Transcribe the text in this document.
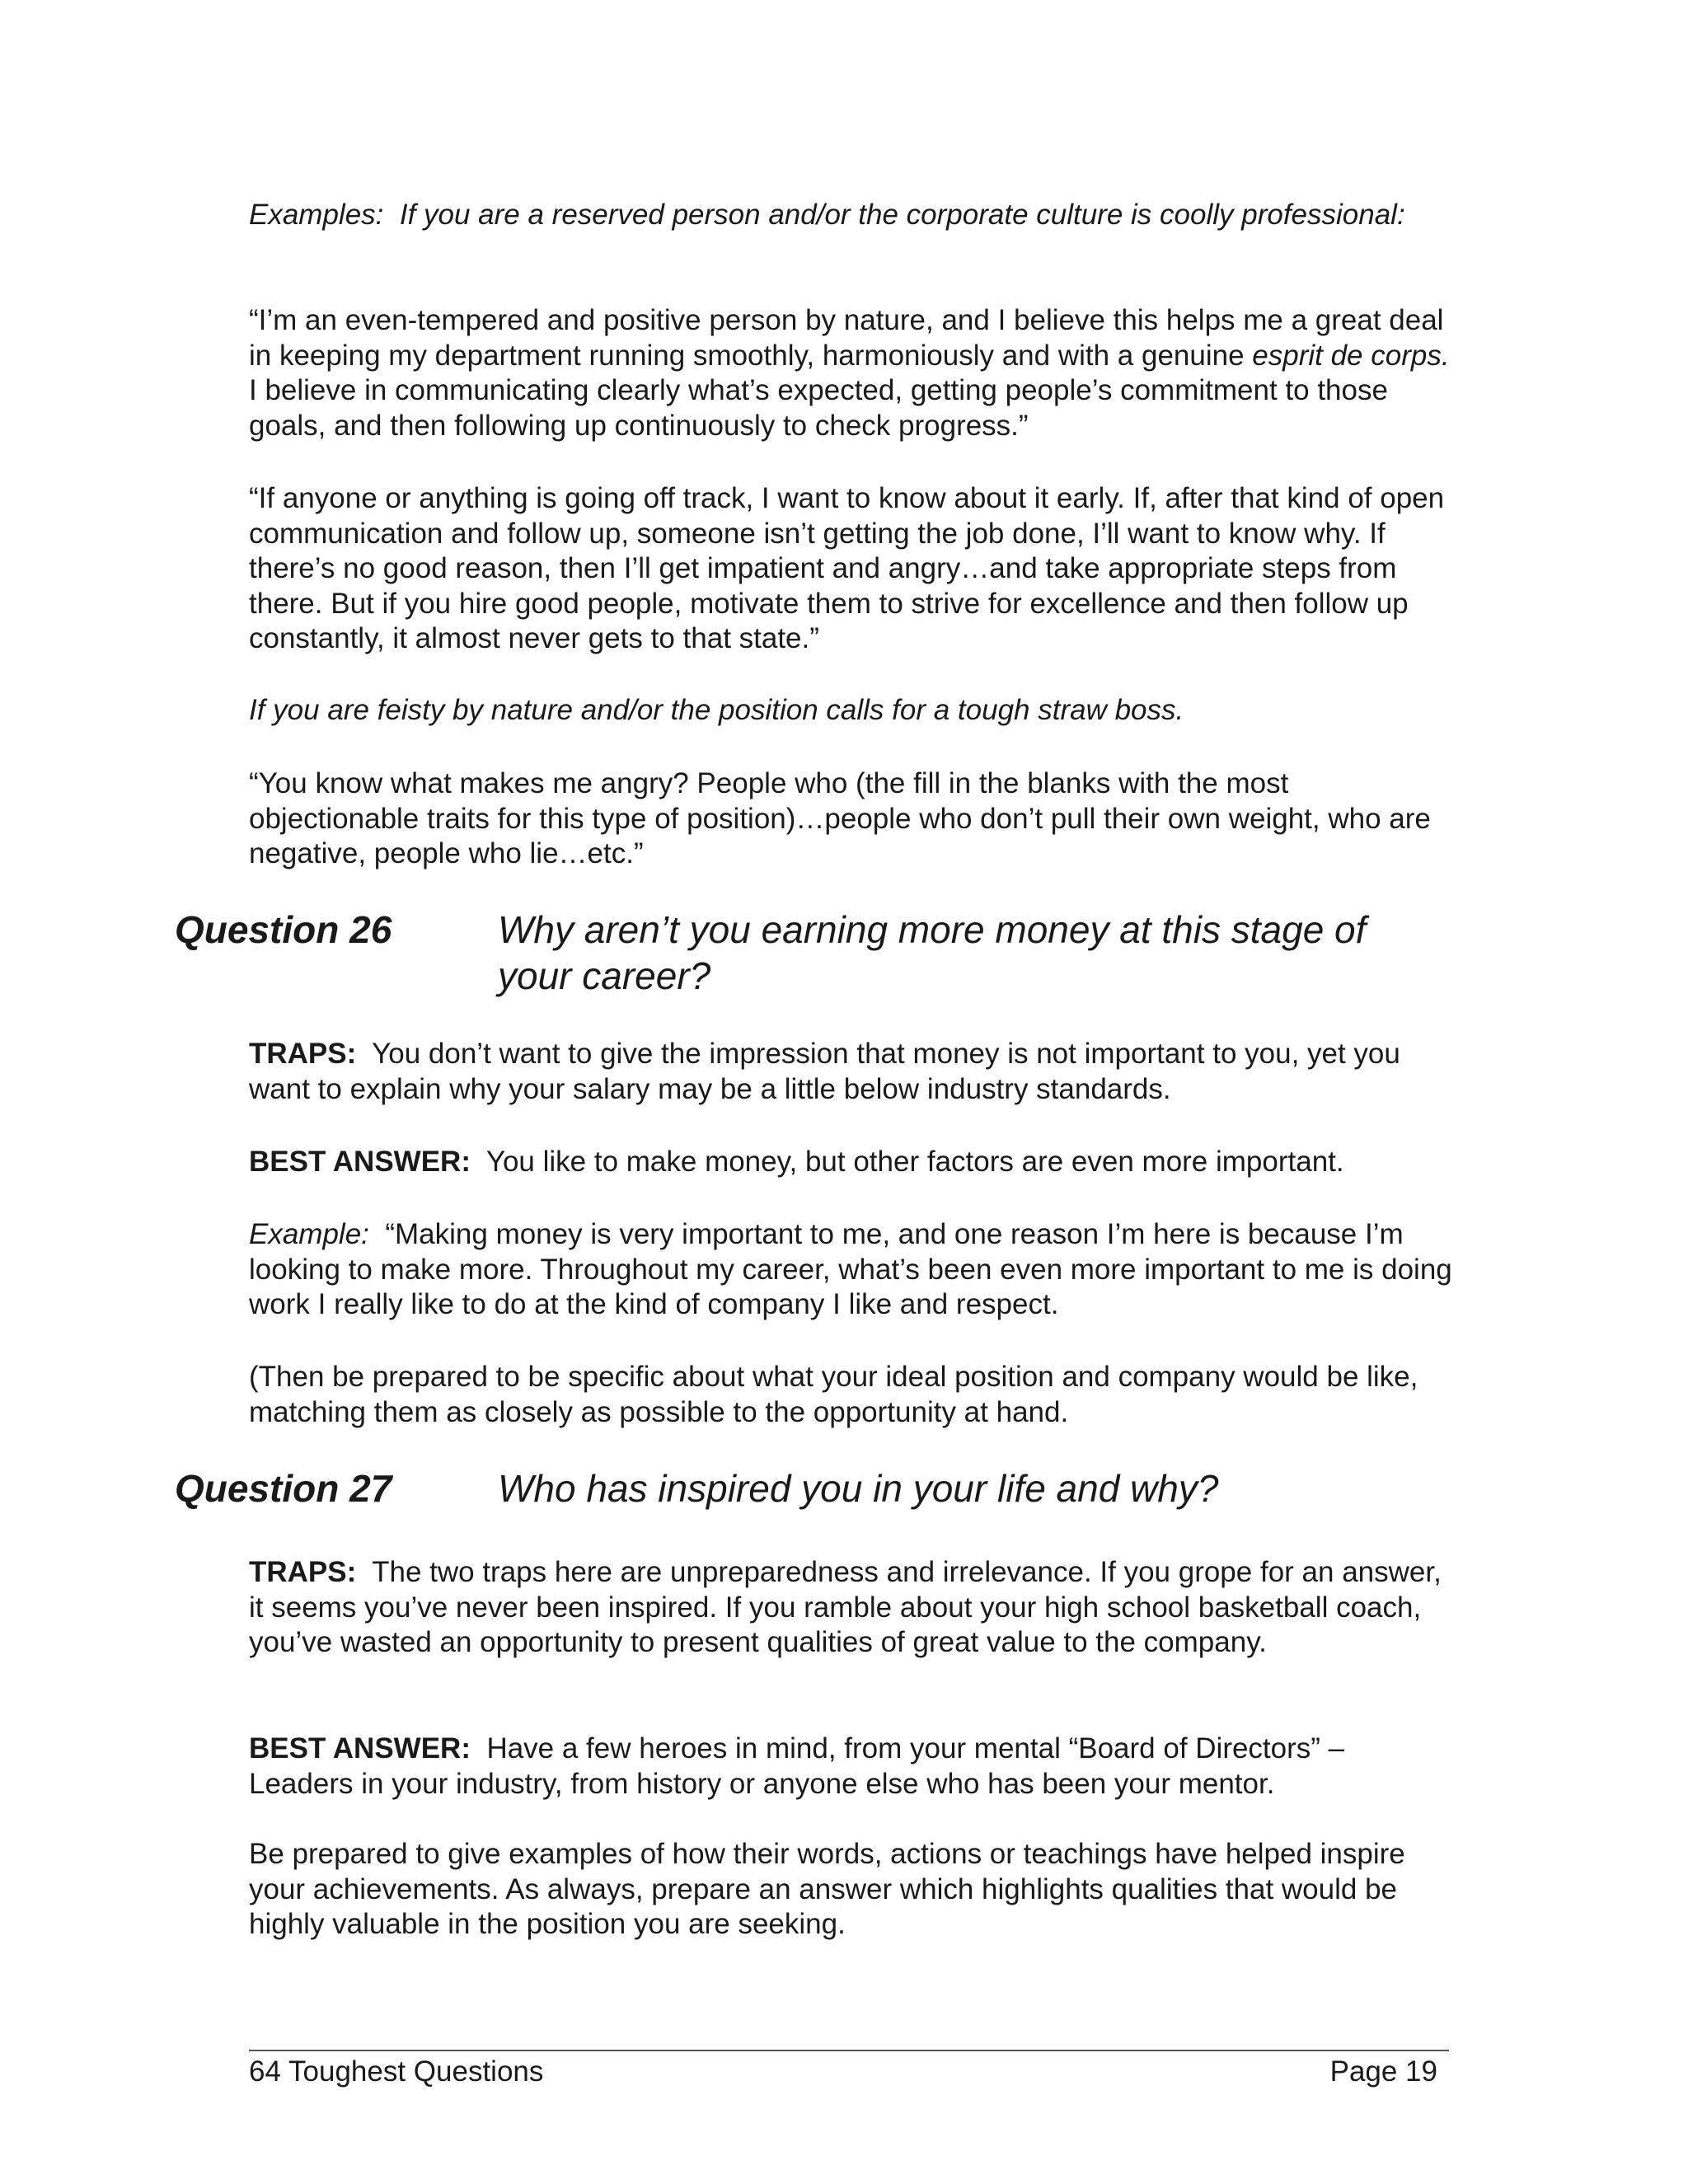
Examples: If you are a reserved person and/or the corporate culture is coolly professional:

“I’m an even-tempered and positive person by nature, and I believe this helps me a great deal in keeping my department running smoothly, harmoniously and with a genuine esprit de corps. I believe in communicating clearly what’s expected, getting people’s commitment to those goals, and then following up continuously to check progress.”

“If anyone or anything is going off track, I want to know about it early. If, after that kind of open communication and follow up, someone isn’t getting the job done, I’ll want to know why. If there’s no good reason, then I’ll get impatient and angry…and take appropriate steps from there. But if you hire good people, motivate them to strive for excellence and then follow up constantly, it almost never gets to that state.”

If you are feisty by nature and/or the position calls for a tough straw boss.

“You know what makes me angry? People who (the fill in the blanks with the most objectionable traits for this type of position)…people who don’t pull their own weight, who are negative, people who lie…etc.”

Question 26	Why aren’t you earning more money at this stage of your career?

TRAPS: You don’t want to give the impression that money is not important to you, yet you want to explain why your salary may be a little below industry standards.

BEST ANSWER: You like to make money, but other factors are even more important.

Example: “Making money is very important to me, and one reason I’m here is because I’m looking to make more. Throughout my career, what’s been even more important to me is doing work I really like to do at the kind of company I like and respect.

(Then be prepared to be specific about what your ideal position and company would be like, matching them as closely as possible to the opportunity at hand.

Question 27	Who has inspired you in your life and why?

TRAPS: The two traps here are unpreparedness and irrelevance. If you grope for an answer, it seems you’ve never been inspired. If you ramble about your high school basketball coach, you’ve wasted an opportunity to present qualities of great value to the company.

BEST ANSWER: Have a few heroes in mind, from your mental “Board of Directors” – Leaders in your industry, from history or anyone else who has been your mentor.

Be prepared to give examples of how their words, actions or teachings have helped inspire your achievements. As always, prepare an answer which highlights qualities that would be highly valuable in the position you are seeking.

64 Toughest Questions	Page 19
